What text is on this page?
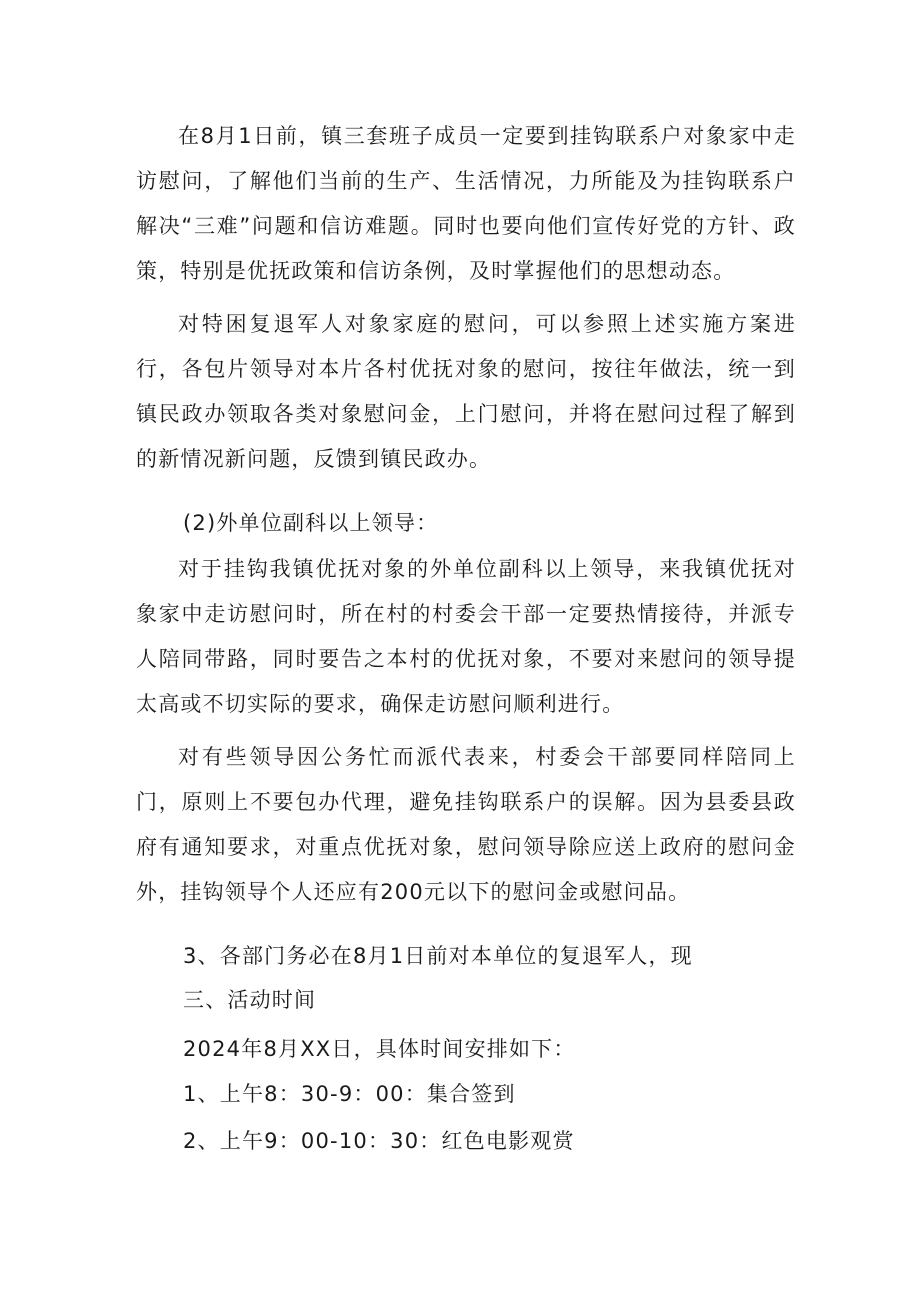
在8月1日前，镇三套班子成员一定要到挂钩联系户对象家中走访慰问，了解他们当前的生产、生活情况，力所能及为挂钩联系户解决“三难”问题和信访难题。同时也要向他们宣传好党的方针、政策，特别是优抚政策和信访条例，及时掌握他们的思想动态。

对特困复退军人对象家庭的慰问，可以参照上述实施方案进行，各包片领导对本片各村优抚对象的慰问，按往年做法，统一到镇民政办领取各类对象慰问金，上门慰问，并将在慰问过程了解到的新情况新问题，反馈到镇民政办。

(2)外单位副科以上领导：

对于挂钩我镇优抚对象的外单位副科以上领导，来我镇优抚对象家中走访慰问时，所在村的村委会干部一定要热情接待，并派专人陪同带路，同时要告之本村的优抚对象，不要对来慰问的领导提太高或不切实际的要求，确保走访慰问顺利进行。

对有些领导因公务忙而派代表来，村委会干部要同样陪同上门，原则上不要包办代理，避免挂钩联系户的误解。因为县委县政府有通知要求，对重点优抚对象，慰问领导除应送上政府的慰问金外，挂钩领导个人还应有200元以下的慰问金或慰问品。

3、各部门务必在8月1日前对本单位的复退军人，现

三、活动时间

2024年8月XX日，具体时间安排如下：

1、上午8：30-9：00：集合签到

2、上午9：00-10：30：红色电影观赏
